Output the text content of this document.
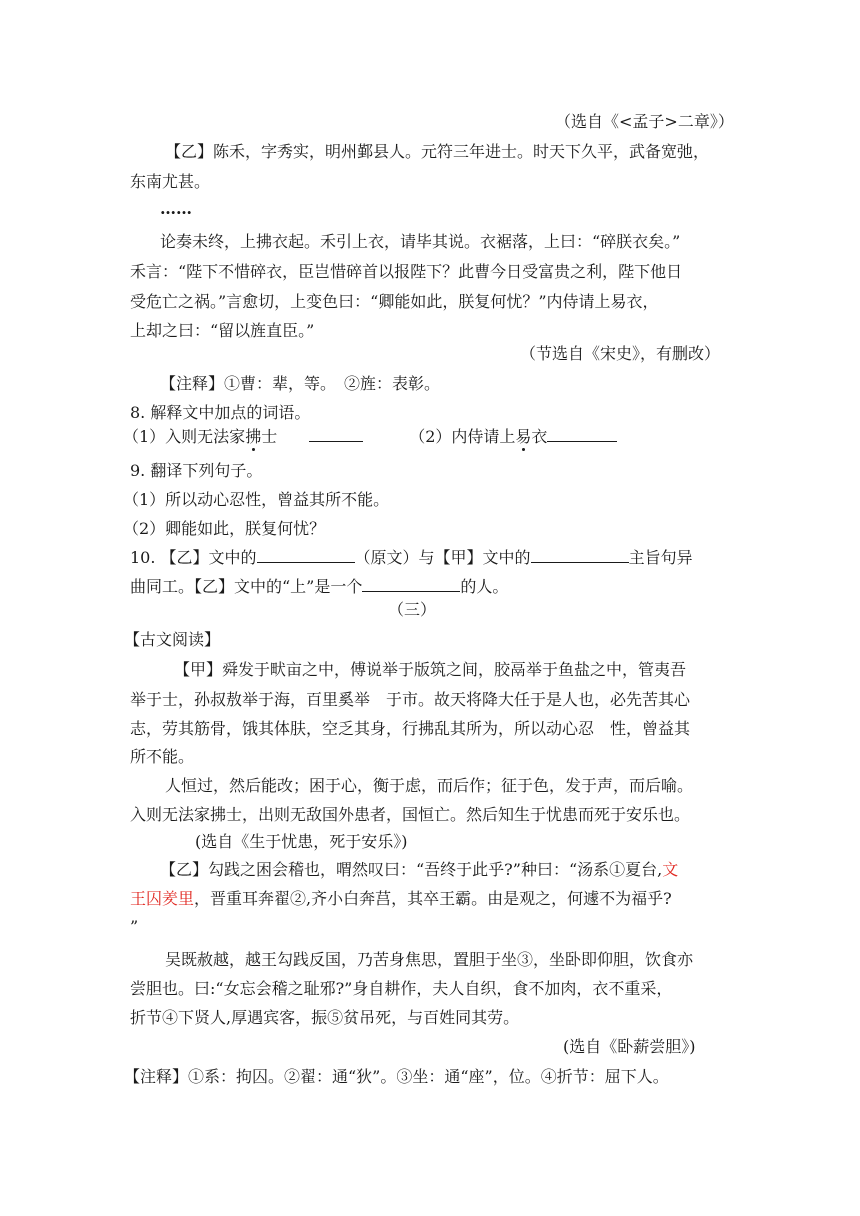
（选自《<孟子>二章》）
【乙】陈禾，字秀实，明州鄞县人。元符三年进士。时天下久平，武备宽弛，
东南尤甚。
……
论奏未终，上拂衣起。禾引上衣，请毕其说。衣裾落，上曰：“碎朕衣矣。”
禾言：“陛下不惜碎衣，臣岂惜碎首以报陛下？此曹今日受富贵之利，陛下他日
受危亡之祸。”言愈切，上变色曰：“卿能如此，朕复何忧？”内侍请上易衣，
上却之曰：“留以旌直臣。”
（节选自《宋史》，有删改）
【注释】①曹：辈，等。　②旌：表彰。
8. 解释文中加点的词语。
（1）入则无法家拂士	（2）内侍请上易衣
9. 翻译下列句子。
（1）所以动心忍性，曾益其所不能。
（2）卿能如此，朕复何忧？
10. 【乙】文中的	（原文）与【甲】文中的	主旨句异
曲同工。【乙】文中的“上”是一个	的人。
（三）
【古文阅读】
【甲】舜发于畎亩之中，傅说举于版筑之间，胶鬲举于鱼盐之中，管夷吾
举于士，孙叔敖举于海，百里奚举　于市。故天将降大任于是人也，必先苦其心
志，劳其筋骨，饿其体肤，空乏其身，行拂乱其所为，所以动心忍　性，曾益其
所不能。
人恒过，然后能改；困于心，衡于虑，而后作；征于色，发于声，而后喻。
入则无法家拂士，出则无敌国外患者，国恒亡。然后知生于忧患而死于安乐也。
(选自《生于忧患，死于安乐》)
【乙】勾践之困会稽也，喟然叹曰：“吾终于此乎?”种曰：“汤系①夏台,文
王囚羑里，晋重耳奔翟②,齐小白奔莒，其卒王霸。由是观之，何遽不为福乎?
”
吴既赦越，越王勾践反国，乃苦身焦思，置胆于坐③，坐卧即仰胆，饮食亦
尝胆也。曰:“女忘会稽之耻邪?”身自耕作，夫人自织，食不加肉，衣不重采，
折节④下贤人,厚遇宾客，振⑤贫吊死，与百姓同其劳。
(选自《卧薪尝胆》)
【注释】①系：拘囚。②翟：通“狄”。③坐：通“座”，位。④折节：屈下人。
